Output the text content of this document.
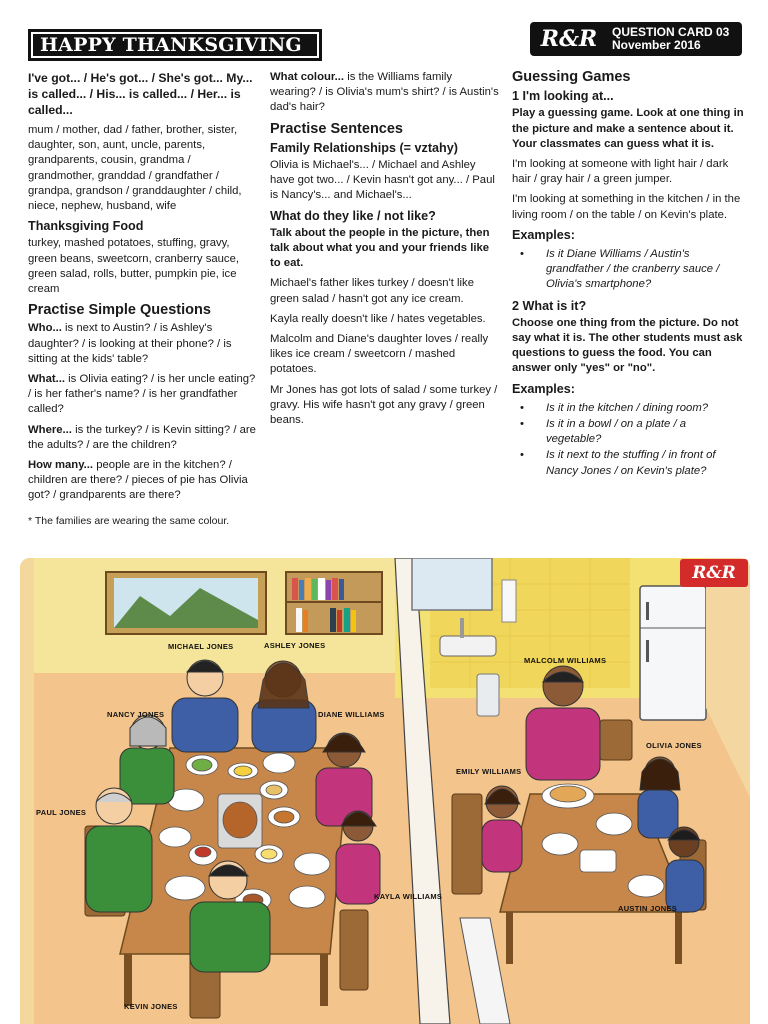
HAPPY THANKSGIVING	R&R	QUESTION CARD 03
November 2016

I've got... / He's got... / She's got... My... is called... / His... is called... / Her... is called...

mum / mother, dad / father, brother, sister, daughter, son, aunt, uncle, parents, grandparents, cousin, grandma / grandmother, granddad / grandfather / grandpa, grandson / granddaughter / child, niece, nephew, husband, wife

Thanksgiving Food

turkey, mashed potatoes, stuffing, gravy, green beans, sweetcorn, cranberry sauce, green salad, rolls, butter, pumpkin pie, ice cream

Practise Simple Questions

Who... is next to Austin? / is Ashley's daughter? / is looking at their phone? / is sitting at the kids' table?

What... is Olivia eating? / is her uncle eating? / is her father's name? / is her grandfather called?

Where... is the turkey? / is Kevin sitting? / are the adults? / are the children?

How many... people are in the kitchen? / children are there? / pieces of pie has Olivia got? / grandparents are there?

* The families are wearing the same colour.

What colour... is the Williams family wearing? / is Olivia's mum's shirt? / is Austin's dad's hair?

Practise Sentences
Family Relationships (= vztahy)

Olivia is Michael's... / Michael and Ashley have got two... / Kevin hasn't got any... / Paul is Nancy's... and Michael's...

What do they like / not like?

Talk about the people in the picture, then talk about what you and your friends like to eat.

Michael's father likes turkey / doesn't like green salad / hasn't got any ice cream.

Kayla really doesn't like / hates vegetables.

Malcolm and Diane's daughter loves / really likes ice cream / sweetcorn / mashed potatoes.

Mr Jones has got lots of salad / some turkey / gravy. His wife hasn't got any gravy / green beans.

Guessing Games
1 I'm looking at...

Play a guessing game. Look at one thing in the picture and make a sentence about it. Your classmates can guess what it is.

I'm looking at someone with light hair / dark hair / gray hair / a green jumper.

I'm looking at something in the kitchen / in the living room / on the table / on Kevin's plate.

Examples:
• Is it Diane Williams / Austin's grandfather / the cranberry sauce / Olivia's smartphone?
2 What is it?

Choose one thing from the picture. Do not say what it is. The other students must ask questions to guess the food. You can answer only "yes" or "no".

Examples:
• Is it in the kitchen / dining room?
• Is it in a bowl / on a plate / a vegetable?
• Is it next to the stuffing / in front of Nancy Jones / on Kevin's plate?
MICHAEL JONES	ASHLEY JONES
NANCY JONES	DIANE WILLIAMS
PAUL JONES
KAYLA WILLIAMS
KEVIN JONES
MALCOLM WILLIAMS
OLIVIA JONES
EMILY WILLIAMS
AUSTIN JONES
R&R
